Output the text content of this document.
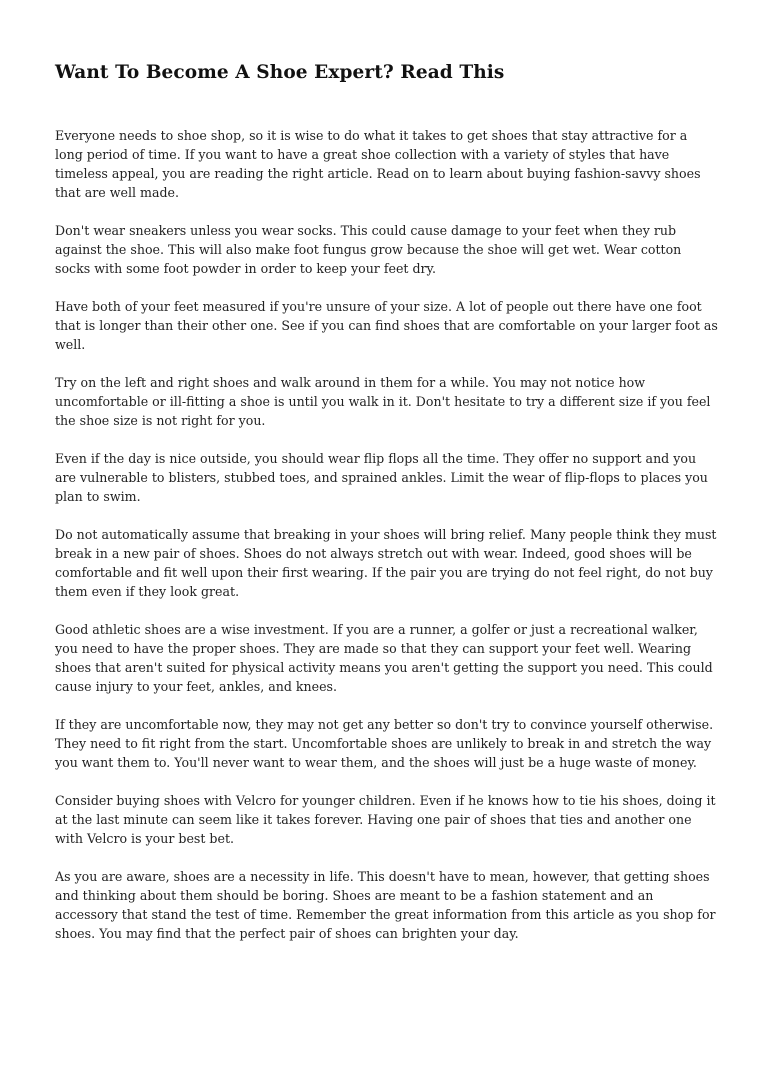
Want To Become A Shoe Expert? Read This

Everyone needs to shoe shop, so it is wise to do what it takes to get shoes that stay attractive for a long period of time. If you want to have a great shoe collection with a variety of styles that have timeless appeal, you are reading the right article. Read on to learn about buying fashion-savvy shoes that are well made.

Don't wear sneakers unless you wear socks. This could cause damage to your feet when they rub against the shoe. This will also make foot fungus grow because the shoe will get wet. Wear cotton socks with some foot powder in order to keep your feet dry.

Have both of your feet measured if you're unsure of your size. A lot of people out there have one foot that is longer than their other one. See if you can find shoes that are comfortable on your larger foot as well.

Try on the left and right shoes and walk around in them for a while. You may not notice how uncomfortable or ill-fitting a shoe is until you walk in it. Don't hesitate to try a different size if you feel the shoe size is not right for you.

Even if the day is nice outside, you should wear flip flops all the time. They offer no support and you are vulnerable to blisters, stubbed toes, and sprained ankles. Limit the wear of flip-flops to places you plan to swim.

Do not automatically assume that breaking in your shoes will bring relief. Many people think they must break in a new pair of shoes. Shoes do not always stretch out with wear. Indeed, good shoes will be comfortable and fit well upon their first wearing. If the pair you are trying do not feel right, do not buy them even if they look great.

Good athletic shoes are a wise investment. If you are a runner, a golfer or just a recreational walker, you need to have the proper shoes. They are made so that they can support your feet well. Wearing shoes that aren't suited for physical activity means you aren't getting the support you need. This could cause injury to your feet, ankles, and knees.

If they are uncomfortable now, they may not get any better so don't try to convince yourself otherwise. They need to fit right from the start. Uncomfortable shoes are unlikely to break in and stretch the way you want them to. You'll never want to wear them, and the shoes will just be a huge waste of money.

Consider buying shoes with Velcro for younger children. Even if he knows how to tie his shoes, doing it at the last minute can seem like it takes forever. Having one pair of shoes that ties and another one with Velcro is your best bet.

As you are aware, shoes are a necessity in life. This doesn't have to mean, however, that getting shoes and thinking about them should be boring. Shoes are meant to be a fashion statement and an accessory that stand the test of time. Remember the great information from this article as you shop for shoes. You may find that the perfect pair of shoes can brighten your day.
